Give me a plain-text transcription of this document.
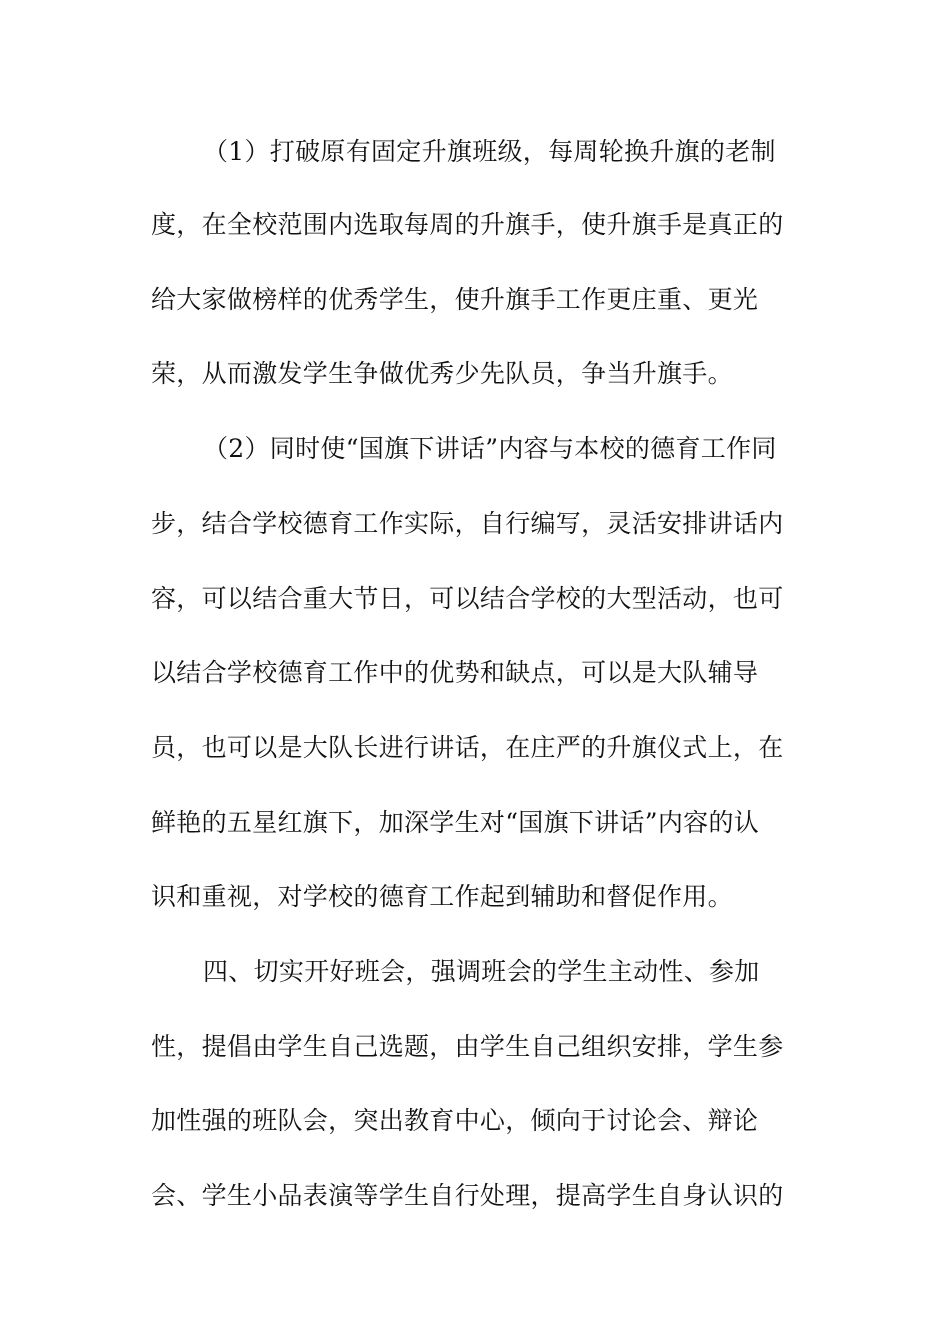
（1）打破原有固定升旗班级，每周轮换升旗的老制
度，在全校范围内选取每周的升旗手，使升旗手是真正的
给大家做榜样的优秀学生，使升旗手工作更庄重、更光
荣，从而激发学生争做优秀少先队员，争当升旗手。
（2）同时使“国旗下讲话”内容与本校的德育工作同
步，结合学校德育工作实际，自行编写，灵活安排讲话内
容，可以结合重大节日，可以结合学校的大型活动，也可
以结合学校德育工作中的优势和缺点，可以是大队辅导
员，也可以是大队长进行讲话，在庄严的升旗仪式上，在
鲜艳的五星红旗下，加深学生对“国旗下讲话”内容的认
识和重视，对学校的德育工作起到辅助和督促作用。
四、切实开好班会，强调班会的学生主动性、参加
性，提倡由学生自己选题，由学生自己组织安排，学生参
加性强的班队会，突出教育中心，倾向于讨论会、辩论
会、学生小品表演等学生自行处理，提高学生自身认识的
